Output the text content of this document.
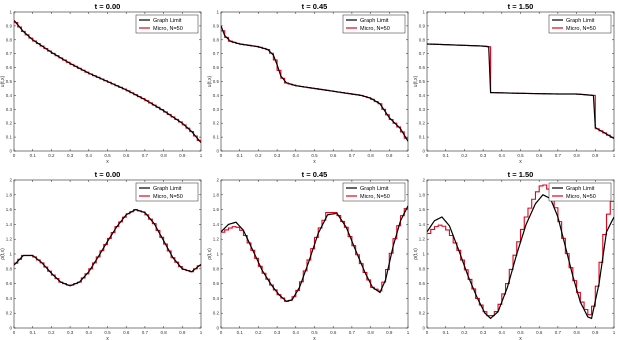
0	0.1	0.2	0.3	0.4	0.5	0.6	0.7	0.8	0.9	1
0
0.1
0.2
0.3
0.4
0.5
0.6
0.7
0.8
0.9
1
x
u(t,x)
t = 0.00
Graph Limit
Micro, N=50
0	0.1	0.2	0.3	0.4	0.5	0.6	0.7	0.8	0.9	1
0
0.1
0.2
0.3
0.4
0.5
0.6
0.7
0.8
0.9
1
x
u(t,x)
t = 0.45
Graph Limit
Micro, N=50
0	0.1	0.2	0.3	0.4	0.5	0.6	0.7	0.8	0.9	1
0
0.1
0.2
0.3
0.4
0.5
0.6
0.7
0.8
0.9
1
x
u(t,x)
t = 1.50
Graph Limit
Micro, N=50
0	0.1	0.2	0.3	0.4	0.5	0.6	0.7	0.8	0.9	1
0
0.2
0.4
0.6
0.8
1
1.2
1.4
1.6
1.8
2
x
ρ(t,x)
t = 0.00
Graph Limit
Micro, N=50
0	0.1	0.2	0.3	0.4	0.5	0.6	0.7	0.8	0.9	1
0
0.2
0.4
0.6
0.8
1
1.2
1.4
1.6
1.8
2
x
ρ(t,x)
t = 0.45
Graph Limit
Micro, N=50
0	0.1	0.2	0.3	0.4	0.5	0.6	0.7	0.8	0.9	1
0
0.2
0.4
0.6
0.8
1
1.2
1.4
1.6
1.8
2
x
ρ(t,x)
t = 1.50
Graph Limit
Micro, N=50
